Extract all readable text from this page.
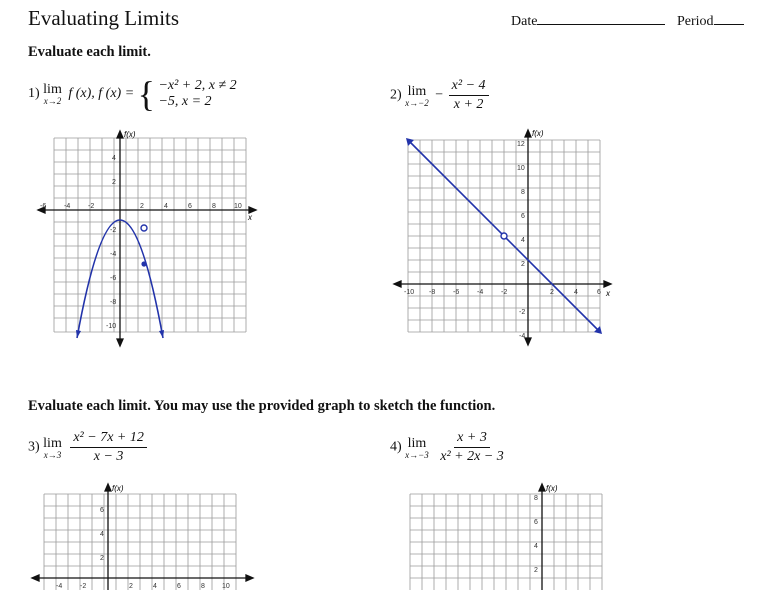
Evaluating Limits	Date	Period
Evaluate each limit.
1) lim
x→2 f (x), f (x) = { −x² + 2, x ≠ 2
−5, x = 2	2) lim
$x\to-2 - \frac{\text{x² − 4}}{x + 2}$
-6	-4	-2	2	4	6	8	10
4
2
-2
-4
-6
-8
-10
f(x)
x
-10 -8	-6	-4	-2	2	4	6
12
10
8
6
4
2
-2
-4
f(x)
x
Evaluate each limit. You may use the provided graph to sketch the function.
3) lim
x→3
$\frac{\text{x² − 7x + 12}}{x - 3}$	4) lim
x→−3
$\frac{x + 3}{\text{x² + 2x − 3}}$
f(x)
6
4
2
-4	-2	2	4	6	8 10
f(x)
8
6
4
2
